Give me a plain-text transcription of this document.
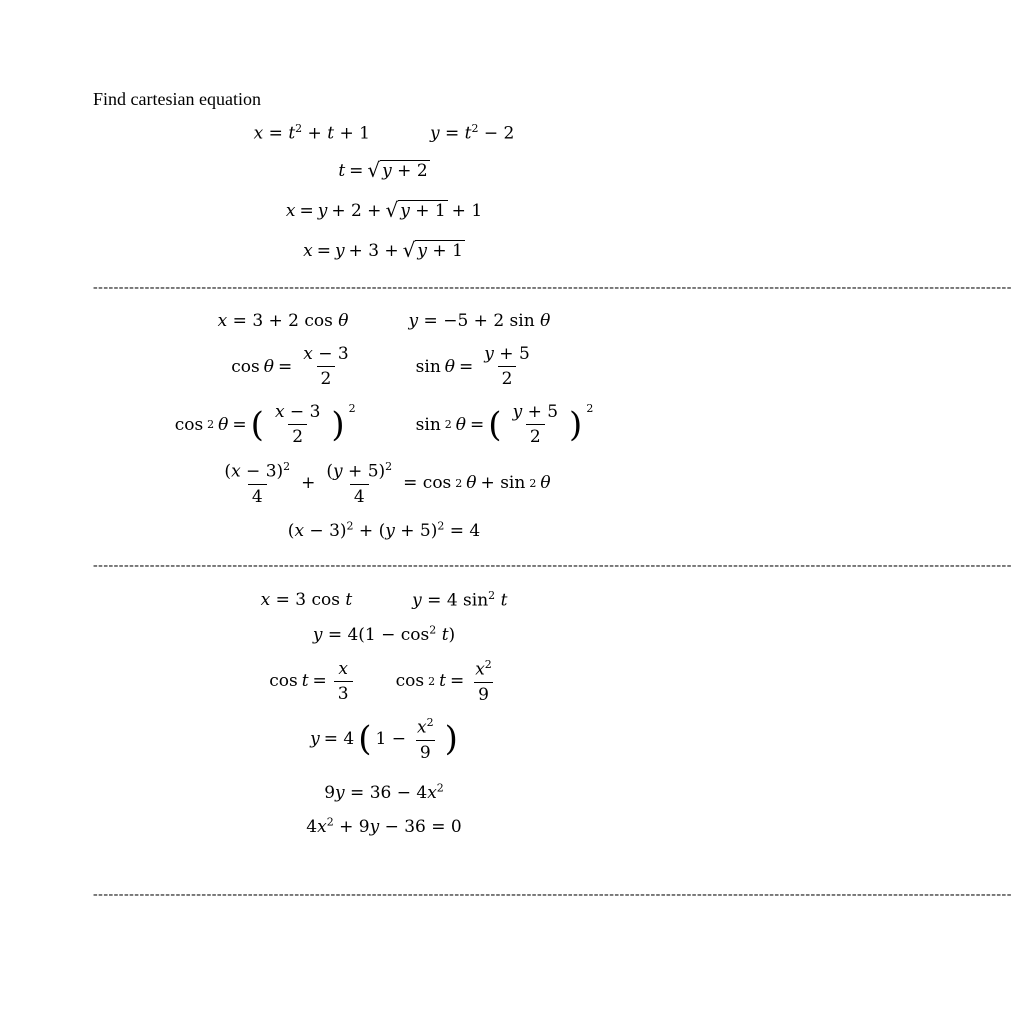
Find cartesian equation
$x = t^2 + t + 1$	$y = t^2 - 2$
t = √ y + 2
x = y + 2 + √ y + 1 + 1
x = y + 3 + √ y + 1
----------------------------------------------------------------------------------------------------------------------------------------------------------------------------------
x = 3 + 2 cos θ	y = −5 + 2 sin θ
$\cos \theta = \frac{x - 3}{2}$	$\sin \theta = \frac{y + 5}{2}$
cos 2 θ = ( $\frac{x - 3}{2}$ ) $^2$
sin 2 θ = ( $\frac{y + 5}{2}$ ) $^2$
$\frac{(x - 3)^2}{4} + \frac{(y + 5)^2}{4} = \cos 2$ θ + sin 2 θ
$(x - 3)^2 + (y + 5)^2 = 4$
----------------------------------------------------------------------------------------------------------------------------------------------------------------------------------
x = 3 cos t	y = 4 $\sin^2 t$
$y = 4(1 - \cos^2 t)$
$\cos t = \frac{x}{3}$	cos 2 $t = \frac{x^2}{9}$
y = 4 ( $1 - \frac{x^2}{9}$ )
$9y = 36 - 4x^2$
$4x^2 + 9y - 36 = 0$
----------------------------------------------------------------------------------------------------------------------------------------------------------------------------------
